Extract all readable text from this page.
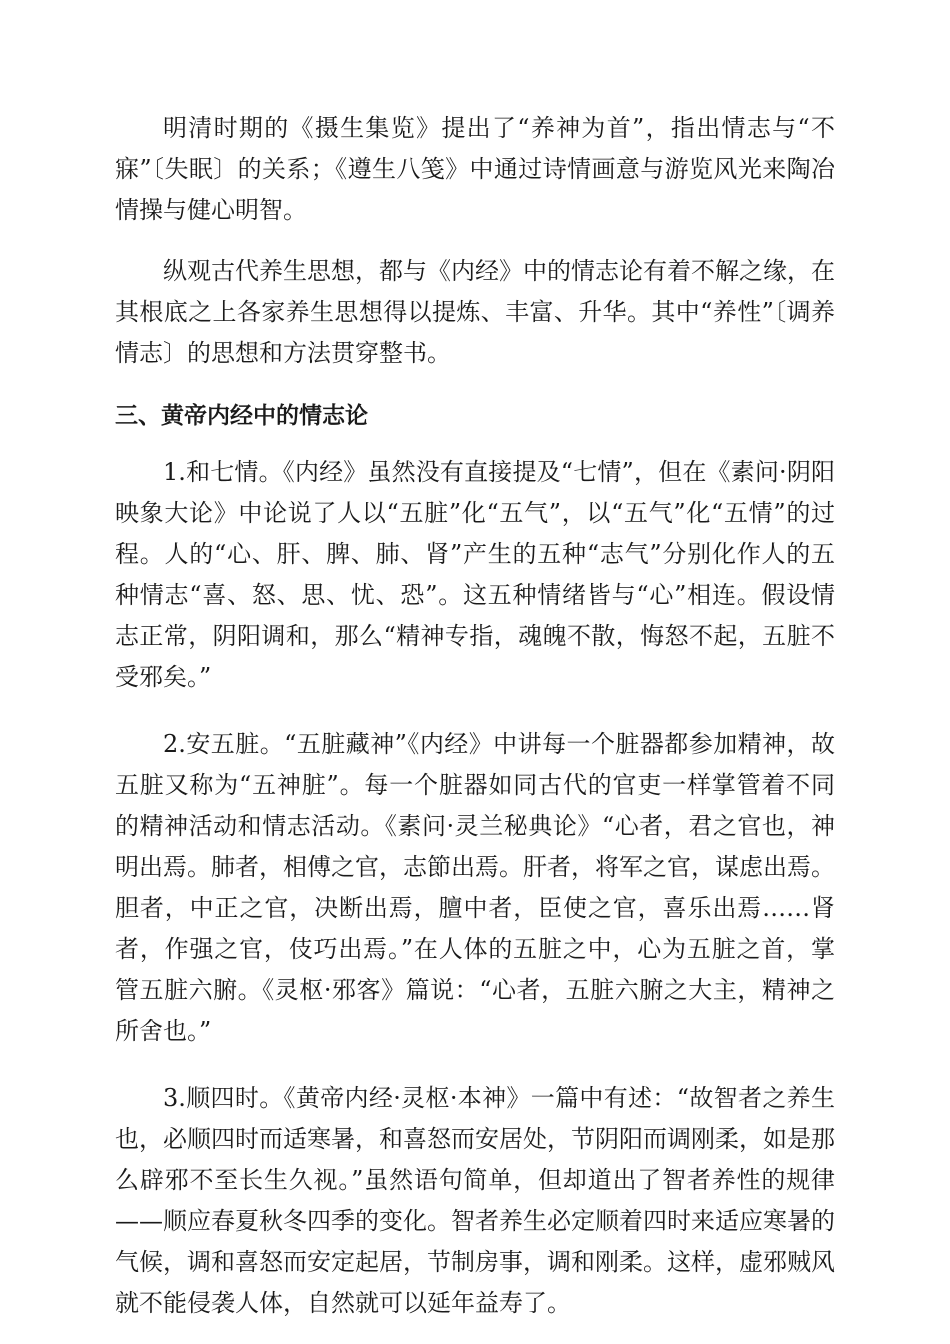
明清时期的《摄生集览》提出了“养神为首”，指出情志与“不寐”〔失眠〕的关系；《遵生八笺》中通过诗情画意与游览风光来陶冶情操与健心明智。

纵观古代养生思想，都与《内经》中的情志论有着不解之缘，在其根底之上各家养生思想得以提炼、丰富、升华。其中“养性”〔调养情志〕的思想和方法贯穿整书。

三、黄帝内经中的情志论

1.和七情。《内经》虽然没有直接提及“七情”，但在《素问·阴阳映象大论》中论说了人以“五脏”化“五气”，以“五气”化“五情”的过程。人的“心、肝、脾、肺、肾”产生的五种“志气”分别化作人的五种情志“喜、怒、思、忧、恐”。这五种情绪皆与“心”相连。假设情志正常，阴阳调和，那么“精神专指，魂魄不散，悔怒不起，五脏不受邪矣。”

2.安五脏。“五脏藏神”《内经》中讲每一个脏器都参加精神，故五脏又称为“五神脏”。每一个脏器如同古代的官吏一样掌管着不同的精神活动和情志活动。《素问·灵兰秘典论》“心者，君之官也，神明出焉。肺者，相傅之官，志節出焉。肝者，将军之官，谋虑出焉。胆者，中正之官，决断出焉，膻中者，臣使之官，喜乐出焉……肾者，作强之官，伎巧出焉。”在人体的五脏之中，心为五脏之首，掌管五脏六腑。《灵枢·邪客》篇说：“心者，五脏六腑之大主，精神之所舍也。”

3.顺四时。《黄帝内经·灵枢·本神》一篇中有述：“故智者之养生也，必顺四时而适寒暑，和喜怒而安居处，节阴阳而调刚柔，如是那么辟邪不至长生久视。”虽然语句简单，但却道出了智者养性的规律——顺应春夏秋冬四季的变化。智者养生必定顺着四时来适应寒暑的气候，调和喜怒而安定起居，节制房事，调和刚柔。这样，虚邪贼风就不能侵袭人体，自然就可以延年益寿了。
